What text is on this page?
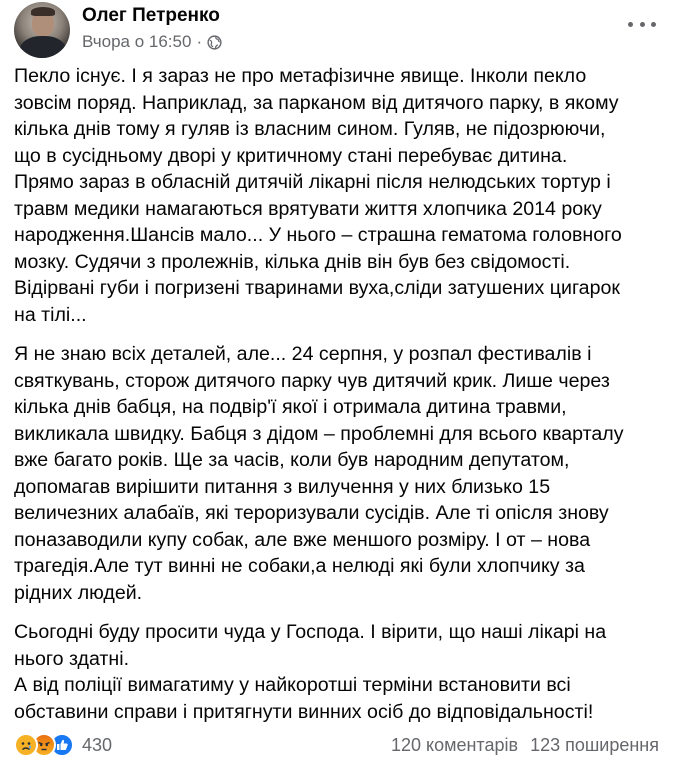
Олег Петренко
Вчора о 16:50 ·

Пекло існує. І я зараз не про метафізичне явище. Інколи пекло
зовсім поряд. Наприклад, за парканом від дитячого парку, в якому
кілька днів тому я гуляв із власним сином. Гуляв, не підозрюючи,
що в сусідньому дворі у критичному стані перебуває дитина.
Прямо зараз в обласній дитячій лікарні після нелюдських тортур і
травм медики намагаються врятувати життя хлопчика 2014 року
народження.Шансів мало... У нього – страшна гематома головного
мозку. Судячи з пролежнів, кілька днів він був без свідомості.
Відірвані губи і погризені тваринами вуха,сліди затушених цигарок
на тілі...

Я не знаю всіх деталей, але... 24 серпня, у розпал фестивалів і
святкувань, сторож дитячого парку чув дитячий крик. Лише через
кілька днів бабця, на подвір'ї якої і отримала дитина травми,
викликала швидку. Бабця з дідом – проблемні для всього кварталу
вже багато років. Ще за часів, коли був народним депутатом,
допомагав вирішити питання з вилучення у них близько 15
величезних алабаїв, які тероризували сусідів. Але ті опісля знову
поназаводили купу собак, але вже меншого розміру. І от – нова
трагедія.Але тут винні не собаки,а нелюді які були хлопчику за
рідних людей.

Сьогодні буду просити чуда у Господа. І вірити, що наші лікарі на
нього здатні.
А від поліції вимагатиму у найкоротші терміни встановити всі
обставини справи і притягнути винних осіб до відповідальності!

430	120 коментарів 123 поширення
